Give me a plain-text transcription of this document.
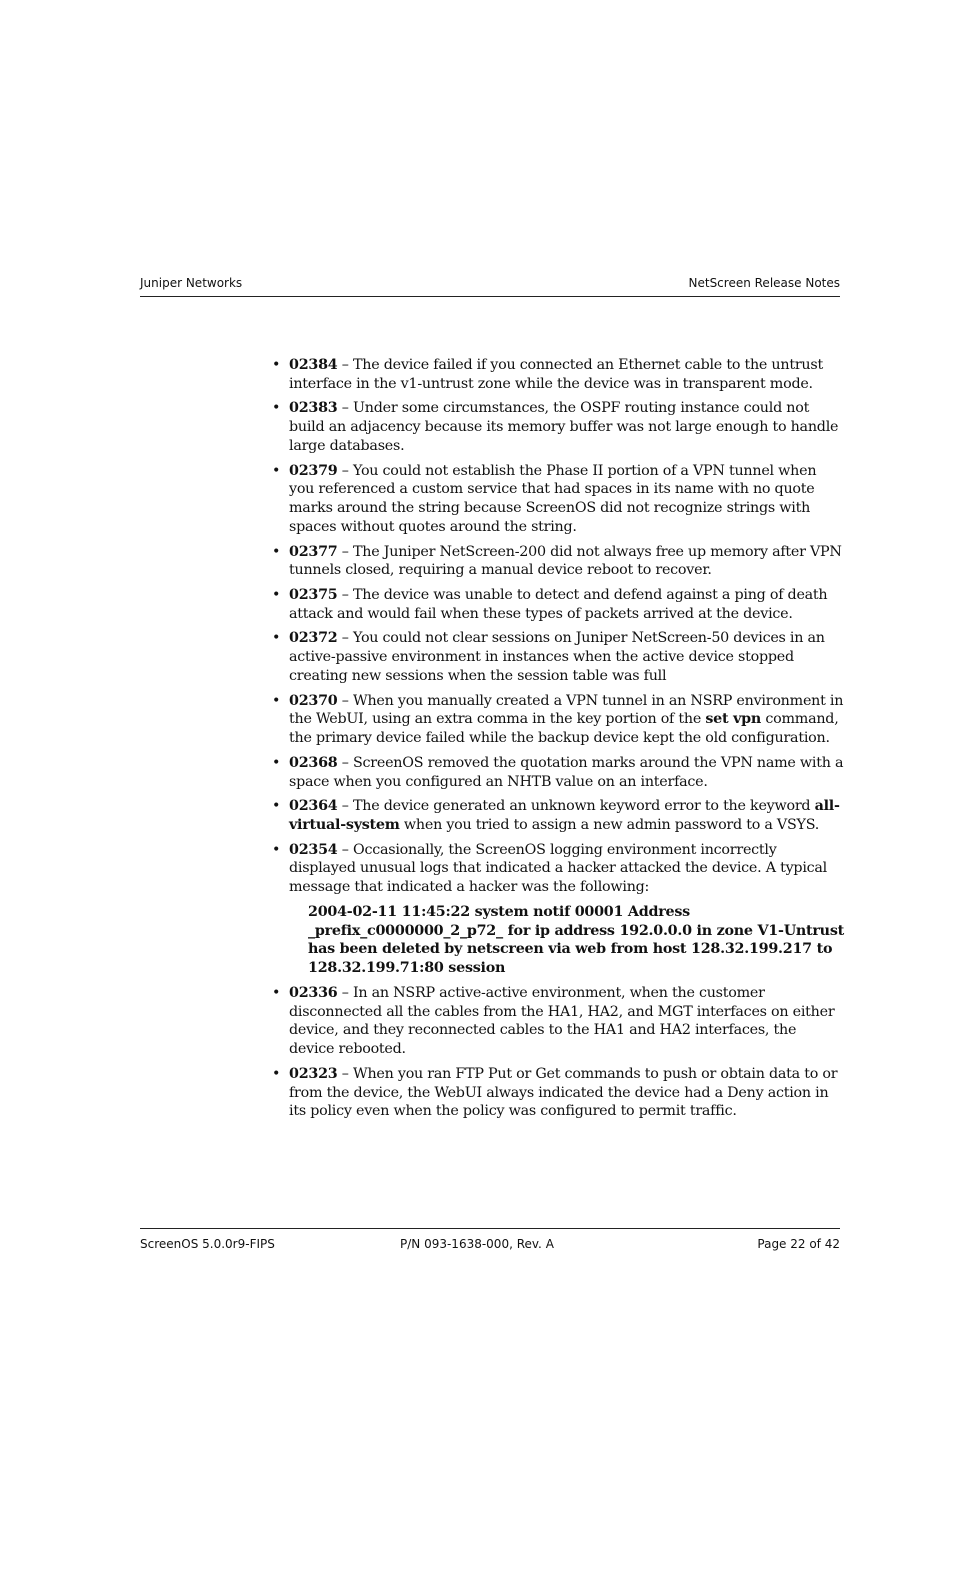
Juniper Networks	NetScreen Release Notes
• 02384 – The device failed if you connected an Ethernet cable to the untrust interface in the v1-untrust zone while the device was in transparent mode.
• 02383 – Under some circumstances, the OSPF routing instance could not build an adjacency because its memory buffer was not large enough to handle large databases.
• 02379 – You could not establish the Phase II portion of a VPN tunnel when you referenced a custom service that had spaces in its name with no quote marks around the string because ScreenOS did not recognize strings with spaces without quotes around the string.
• 02377 – The Juniper NetScreen-200 did not always free up memory after VPN tunnels closed, requiring a manual device reboot to recover.
• 02375 – The device was unable to detect and defend against a ping of death attack and would fail when these types of packets arrived at the device.
• 02372 – You could not clear sessions on Juniper NetScreen-50 devices in an active-passive environment in instances when the active device stopped creating new sessions when the session table was full
• 02370 – When you manually created a VPN tunnel in an NSRP environment in the WebUI, using an extra comma in the key portion of the set vpn command, the primary device failed while the backup device kept the old configuration.
• 02368 – ScreenOS removed the quotation marks around the VPN name with a space when you configured an NHTB value on an interface.
• 02364 – The device generated an unknown keyword error to the keyword all-virtual-system when you tried to assign a new admin password to a VSYS.
• 02354 – Occasionally, the ScreenOS logging environment incorrectly displayed unusual logs that indicated a hacker attacked the device. A typical message that indicated a hacker was the following:
2004-02-11 11:45:22 system notif 00001 Address _prefix_c0000000_2_p72_ for ip address 192.0.0.0 in zone V1-Untrust has been deleted by netscreen via web from host 128.32.199.217 to 128.32.199.71:80 session
• 02336 – In an NSRP active-active environment, when the customer disconnected all the cables from the HA1, HA2, and MGT interfaces on either device, and they reconnected cables to the HA1 and HA2 interfaces, the device rebooted.
• 02323 – When you ran FTP Put or Get commands to push or obtain data to or from the device, the WebUI always indicated the device had a Deny action in its policy even when the policy was configured to permit traffic.
ScreenOS 5.0.0r9-FIPS	P/N 093-1638-000, Rev. A	Page 22 of 42
